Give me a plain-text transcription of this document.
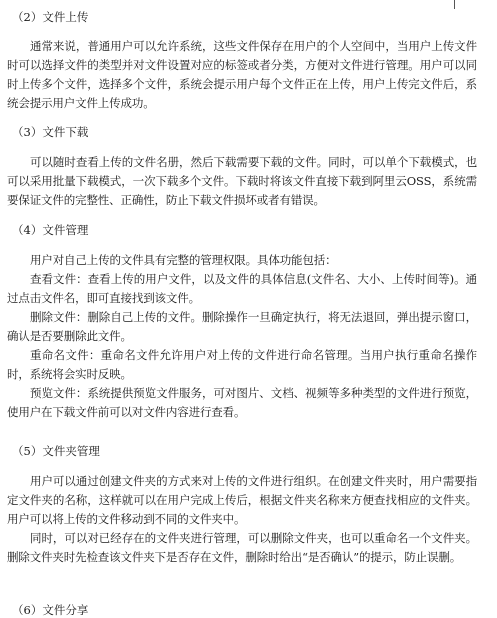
（2）文件上传
通常来说，普通用户可以允许系统，这些文件保存在用户的个人空间中，当用户上传文件时可以选择文件的类型并对文件设置对应的标签或者分类，方便对文件进行管理。用户可以同时上传多个文件，选择多个文件，系统会提示用户每个文件正在上传，用户上传完文件后，系统会提示用户文件上传成功。
（3）文件下载
可以随时查看上传的文件名册，然后下载需要下载的文件。同时，可以单个下载模式，也可以采用批量下载模式，一次下载多个文件。下载时将该文件直接下载到阿里云OSS，系统需要保证文件的完整性、正确性，防止下载文件损坏或者有错误。
（4）文件管理
用户对自己上传的文件具有完整的管理权限。具体功能包括：
查看文件：查看上传的用户文件，以及文件的具体信息(文件名、大小、上传时间等)。通过点击文件名，即可直接找到该文件。
删除文件：删除自己上传的文件。删除操作一旦确定执行，将无法退回，弹出提示窗口，确认是否要删除此文件。
重命名文件：重命名文件允许用户对上传的文件进行命名管理。当用户执行重命名操作时，系统将会实时反映。
预览文件：系统提供预览文件服务，可对图片、文档、视频等多种类型的文件进行预览，使用户在下载文件前可以对文件内容进行查看。
（5）文件夹管理
用户可以通过创建文件夹的方式来对上传的文件进行组织。在创建文件夹时，用户需要指定文件夹的名称，这样就可以在用户完成上传后，根据文件夹名称来方便查找相应的文件夹。用户可以将上传的文件移动到不同的文件夹中。
同时，可以对已经存在的文件夹进行管理，可以删除文件夹，也可以重命名一个文件夹。删除文件夹时先检查该文件夹下是否存在文件，删除时给出“是否确认”的提示，防止误删。
（6）文件分享
